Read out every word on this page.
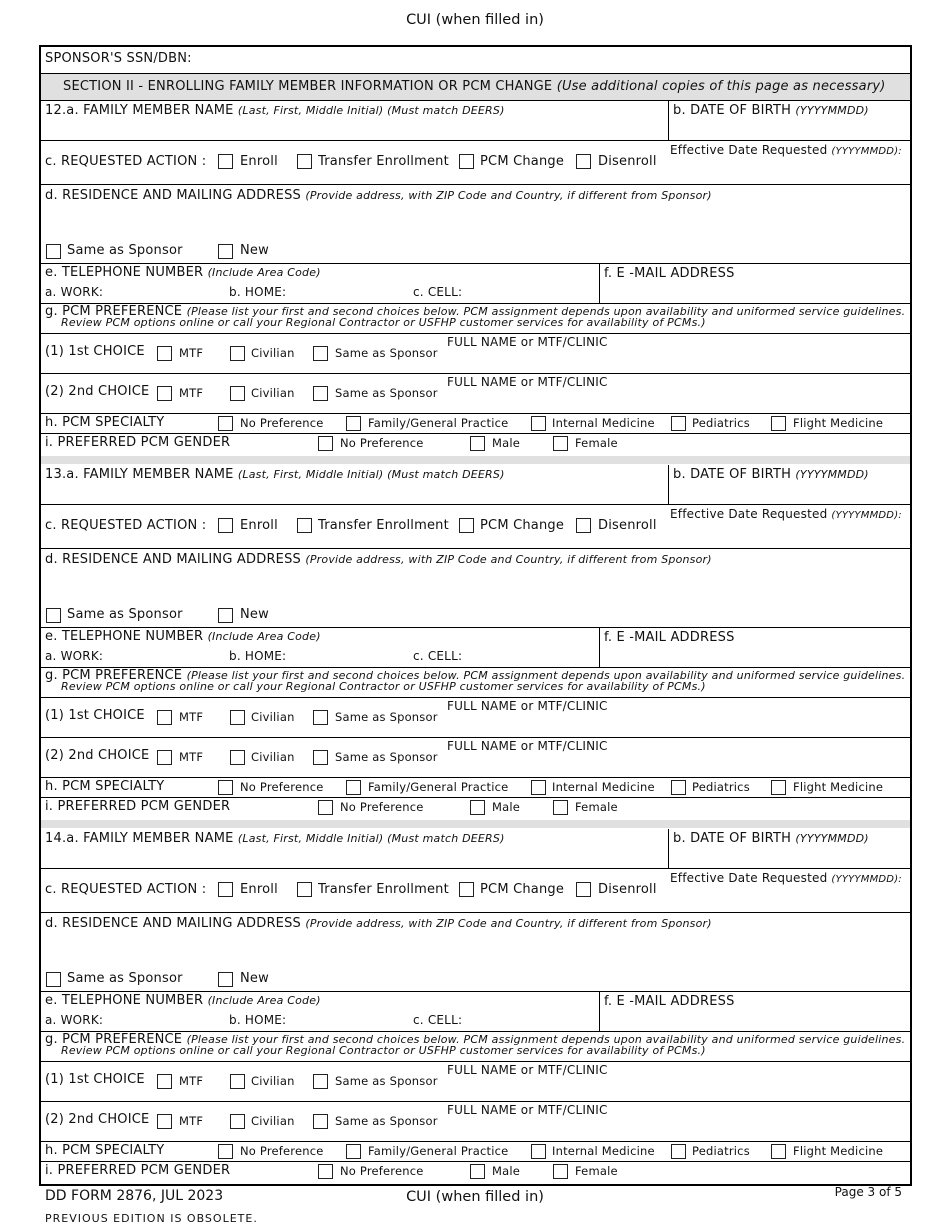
CUI (when filled in)
SPONSOR'S SSN/DBN:
SECTION II - ENROLLING FAMILY MEMBER INFORMATION OR PCM CHANGE (Use additional copies of this page as necessary)
12.a. FAMILY MEMBER NAME (Last, First, Middle Initial) (Must match DEERS)	b. DATE OF BIRTH (YYYYMMDD)
c. REQUESTED ACTION :	Enroll	Transfer Enrollment PCM Change	Disenroll
Effective Date Requested (YYYYMMDD):
d. RESIDENCE AND MAILING ADDRESS (Provide address, with ZIP Code and Country, if different from Sponsor)
Same as Sponsor	New
e. TELEPHONE NUMBER (Include Area Code)
a. WORK:	b. HOME:	c. CELL:
f. E -MAIL ADDRESS
g. PCM PREFERENCE (Please list your first and second choices below. PCM assignment depends upon availability and uniformed service guidelines.
Review PCM options online or call your Regional Contractor or USFHP customer services for availability of PCMs.)
(1) 1st CHOICE	MTF	Civilian	Same as Sponsor
FULL NAME or MTF/CLINIC
(2) 2nd CHOICE	MTF	Civilian	Same as Sponsor
FULL NAME or MTF/CLINIC
h. PCM SPECIALTY	No Preference	Family/General Practice	Internal Medicine	Pediatrics	Flight Medicine
i. PREFERRED PCM GENDER	No Preference	Male	Female
13.a. FAMILY MEMBER NAME (Last, First, Middle Initial) (Must match DEERS)	b. DATE OF BIRTH (YYYYMMDD)
c. REQUESTED ACTION :	Enroll	Transfer Enrollment PCM Change	Disenroll
Effective Date Requested (YYYYMMDD):
d. RESIDENCE AND MAILING ADDRESS (Provide address, with ZIP Code and Country, if different from Sponsor)
Same as Sponsor	New
e. TELEPHONE NUMBER (Include Area Code)
a. WORK:	b. HOME:	c. CELL:
f. E -MAIL ADDRESS
g. PCM PREFERENCE (Please list your first and second choices below. PCM assignment depends upon availability and uniformed service guidelines.
Review PCM options online or call your Regional Contractor or USFHP customer services for availability of PCMs.)
(1) 1st CHOICE	MTF	Civilian	Same as Sponsor
FULL NAME or MTF/CLINIC
(2) 2nd CHOICE	MTF	Civilian	Same as Sponsor
FULL NAME or MTF/CLINIC
h. PCM SPECIALTY	No Preference	Family/General Practice	Internal Medicine	Pediatrics	Flight Medicine
i. PREFERRED PCM GENDER	No Preference	Male	Female
14.a. FAMILY MEMBER NAME (Last, First, Middle Initial) (Must match DEERS)	b. DATE OF BIRTH (YYYYMMDD)
c. REQUESTED ACTION :	Enroll	Transfer Enrollment PCM Change	Disenroll
Effective Date Requested (YYYYMMDD):
d. RESIDENCE AND MAILING ADDRESS (Provide address, with ZIP Code and Country, if different from Sponsor)
Same as Sponsor	New
e. TELEPHONE NUMBER (Include Area Code)
a. WORK:	b. HOME:	c. CELL:
f. E -MAIL ADDRESS
g. PCM PREFERENCE (Please list your first and second choices below. PCM assignment depends upon availability and uniformed service guidelines.
Review PCM options online or call your Regional Contractor or USFHP customer services for availability of PCMs.)
(1) 1st CHOICE	MTF	Civilian	Same as Sponsor
FULL NAME or MTF/CLINIC
(2) 2nd CHOICE	MTF	Civilian	Same as Sponsor
FULL NAME or MTF/CLINIC
h. PCM SPECIALTY	No Preference	Family/General Practice	Internal Medicine	Pediatrics	Flight Medicine
i. PREFERRED PCM GENDER	No Preference	Male	Female
DD FORM 2876, JUL 2023
PREVIOUS EDITION IS OBSOLETE.
CUI (when filled in)	Page 3 of 5
